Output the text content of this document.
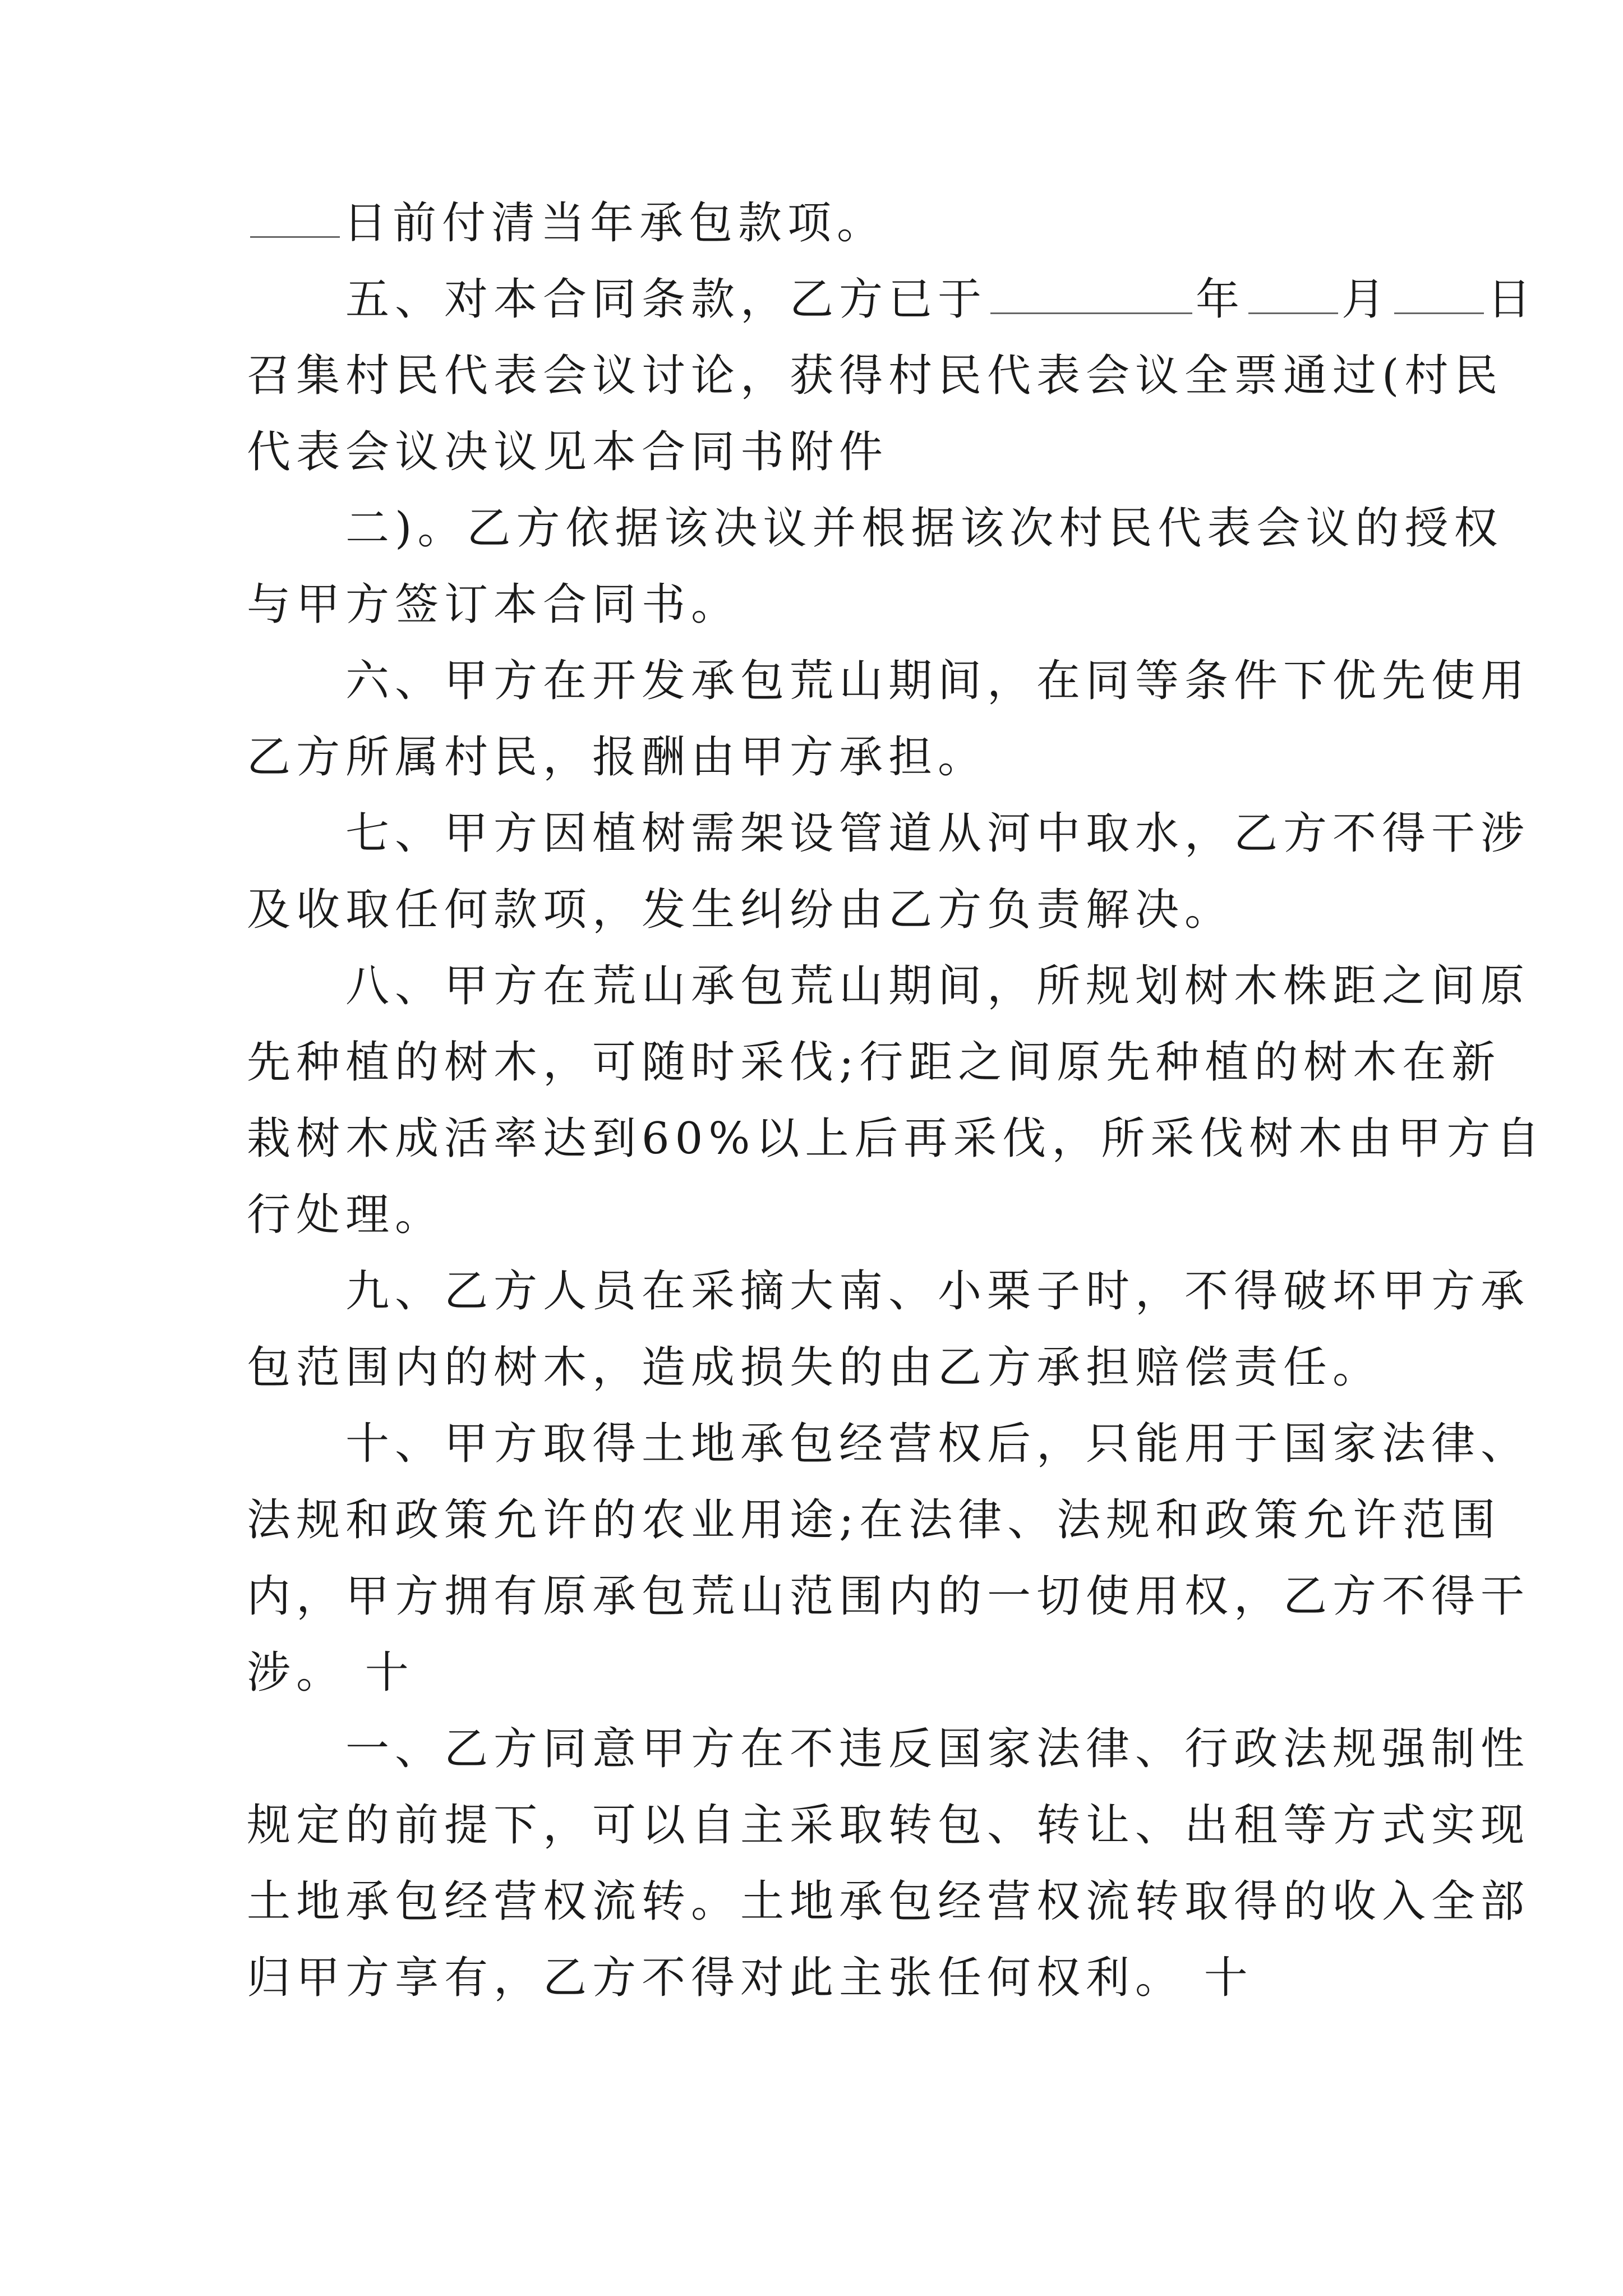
日前付清当年承包款项。
　　五、对本合同条款，乙方已于	年 月 日
召集村民代表会议讨论，获得村民代表会议全票通过(村民
代表会议决议见本合同书附件
　　二)。乙方依据该决议并根据该次村民代表会议的授权
与甲方签订本合同书。
　　六、甲方在开发承包荒山期间，在同等条件下优先使用
乙方所属村民，报酬由甲方承担。
　　七、甲方因植树需架设管道从河中取水，乙方不得干涉
及收取任何款项，发生纠纷由乙方负责解决。
　　八、甲方在荒山承包荒山期间，所规划树木株距之间原
先种植的树木，可随时采伐;行距之间原先种植的树木在新
栽树木成活率达到60%以上后再采伐，所采伐树木由甲方自
行处理。
　　九、乙方人员在采摘大南、小栗子时，不得破坏甲方承
包范围内的树木，造成损失的由乙方承担赔偿责任。
　　十、甲方取得土地承包经营权后，只能用于国家法律、
法规和政策允许的农业用途;在法律、法规和政策允许范围
内，甲方拥有原承包荒山范围内的一切使用权，乙方不得干
涉。 十
　　一、乙方同意甲方在不违反国家法律、行政法规强制性
规定的前提下，可以自主采取转包、转让、出租等方式实现
土地承包经营权流转。土地承包经营权流转取得的收入全部
归甲方享有，乙方不得对此主张任何权利。 十
